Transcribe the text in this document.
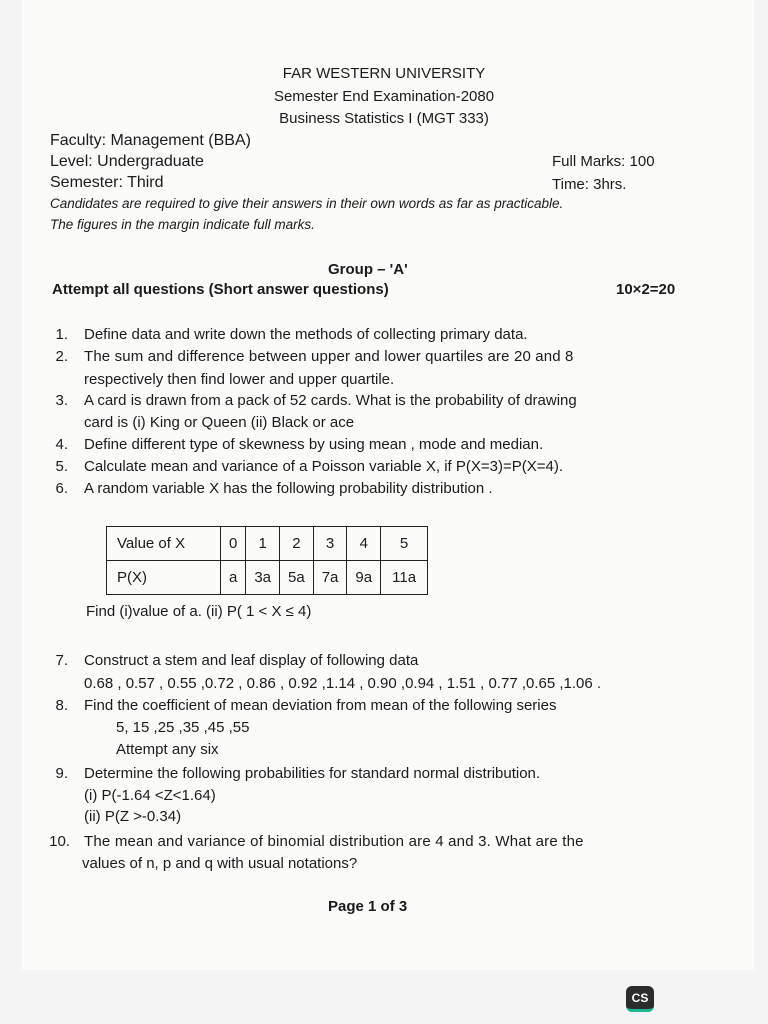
FAR WESTERN UNIVERSITY
Semester End Examination-2080
Business Statistics I (MGT 333)
Faculty: Management (BBA)
Level: Undergraduate	Full Marks: 100
Semester: Third	Time: 3hrs.
Candidates are required to give their answers in their own words as far as practicable.
The figures in the margin indicate full marks.
Group – 'A'
Attempt all questions (Short answer questions)	10×2=20
1. Define data and write down the methods of collecting primary data.
2. The sum and difference between upper and lower quartiles are 20 and 8
respectively then find lower and upper quartile.
3. A card is drawn from a pack of 52 cards. What is the probability of drawing
card is (i) King or Queen (ii) Black or ace
4. Define different type of skewness by using mean , mode and median.
5. Calculate mean and variance of a Poisson variable X, if P(X=3)=P(X=4).
6. A random variable X has the following probability distribution .
Value of X	0	1	2	3	4	5
P(X)	a	3a	5a	7a	9a	11a
Find (i)value of a. (ii) P( 1 < X ≤ 4)
7. Construct a stem and leaf display of following data
0.68 , 0.57 , 0.55 ,0.72 , 0.86 , 0.92 ,1.14 , 0.90 ,0.94 , 1.51 , 0.77 ,0.65 ,1.06 .
8. Find the coefficient of mean deviation from mean of the following series
5, 15 ,25 ,35 ,45 ,55
Attempt any six
9. Determine the following probabilities for standard normal distribution.
(i) P(-1.64 <Z<1.64)
(ii) P(Z >-0.34)
10. The mean and variance of binomial distribution are 4 and 3. What are the
values of n, p and q with usual notations?
Page 1 of 3
CS
